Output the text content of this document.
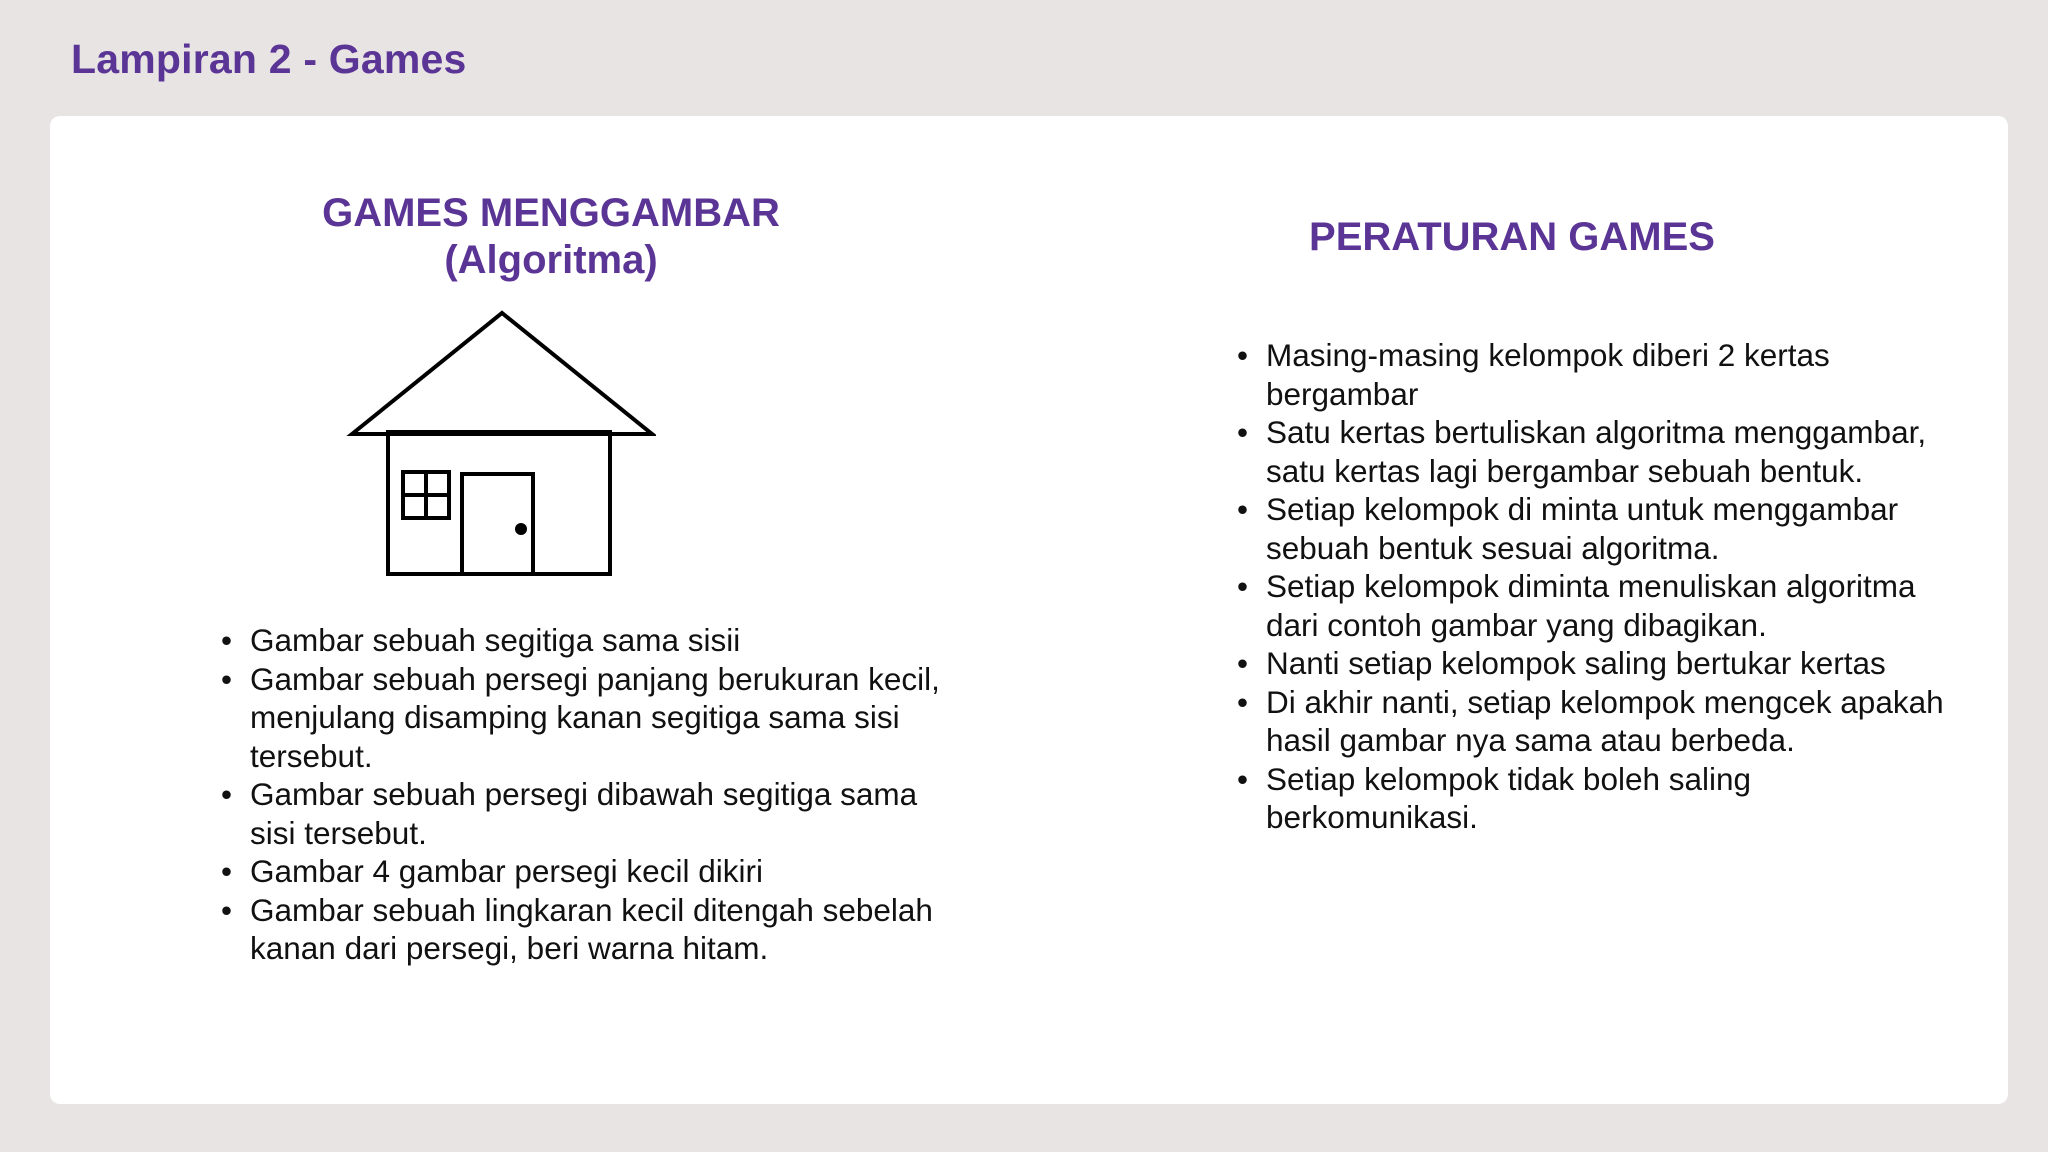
Lampiran 2 - Games
GAMES MENGGAMBAR
(Algoritma)
• Gambar sebuah segitiga sama sisii
• Gambar sebuah persegi panjang berukuran kecil, menjulang disamping kanan segitiga sama sisi tersebut.
• Gambar sebuah persegi dibawah segitiga sama sisi tersebut.
• Gambar 4 gambar persegi kecil dikiri
• Gambar sebuah lingkaran kecil ditengah sebelah kanan dari persegi, beri warna hitam.
PERATURAN GAMES
• Masing-masing kelompok diberi 2 kertas bergambar
• Satu kertas bertuliskan algoritma menggambar, satu kertas lagi bergambar sebuah bentuk.
• Setiap kelompok di minta untuk menggambar sebuah bentuk sesuai algoritma.
• Setiap kelompok diminta menuliskan algoritma dari contoh gambar yang dibagikan.
• Nanti setiap kelompok saling bertukar kertas
• Di akhir nanti, setiap kelompok mengcek apakah hasil gambar nya sama atau berbeda.
• Setiap kelompok tidak boleh saling berkomunikasi.
